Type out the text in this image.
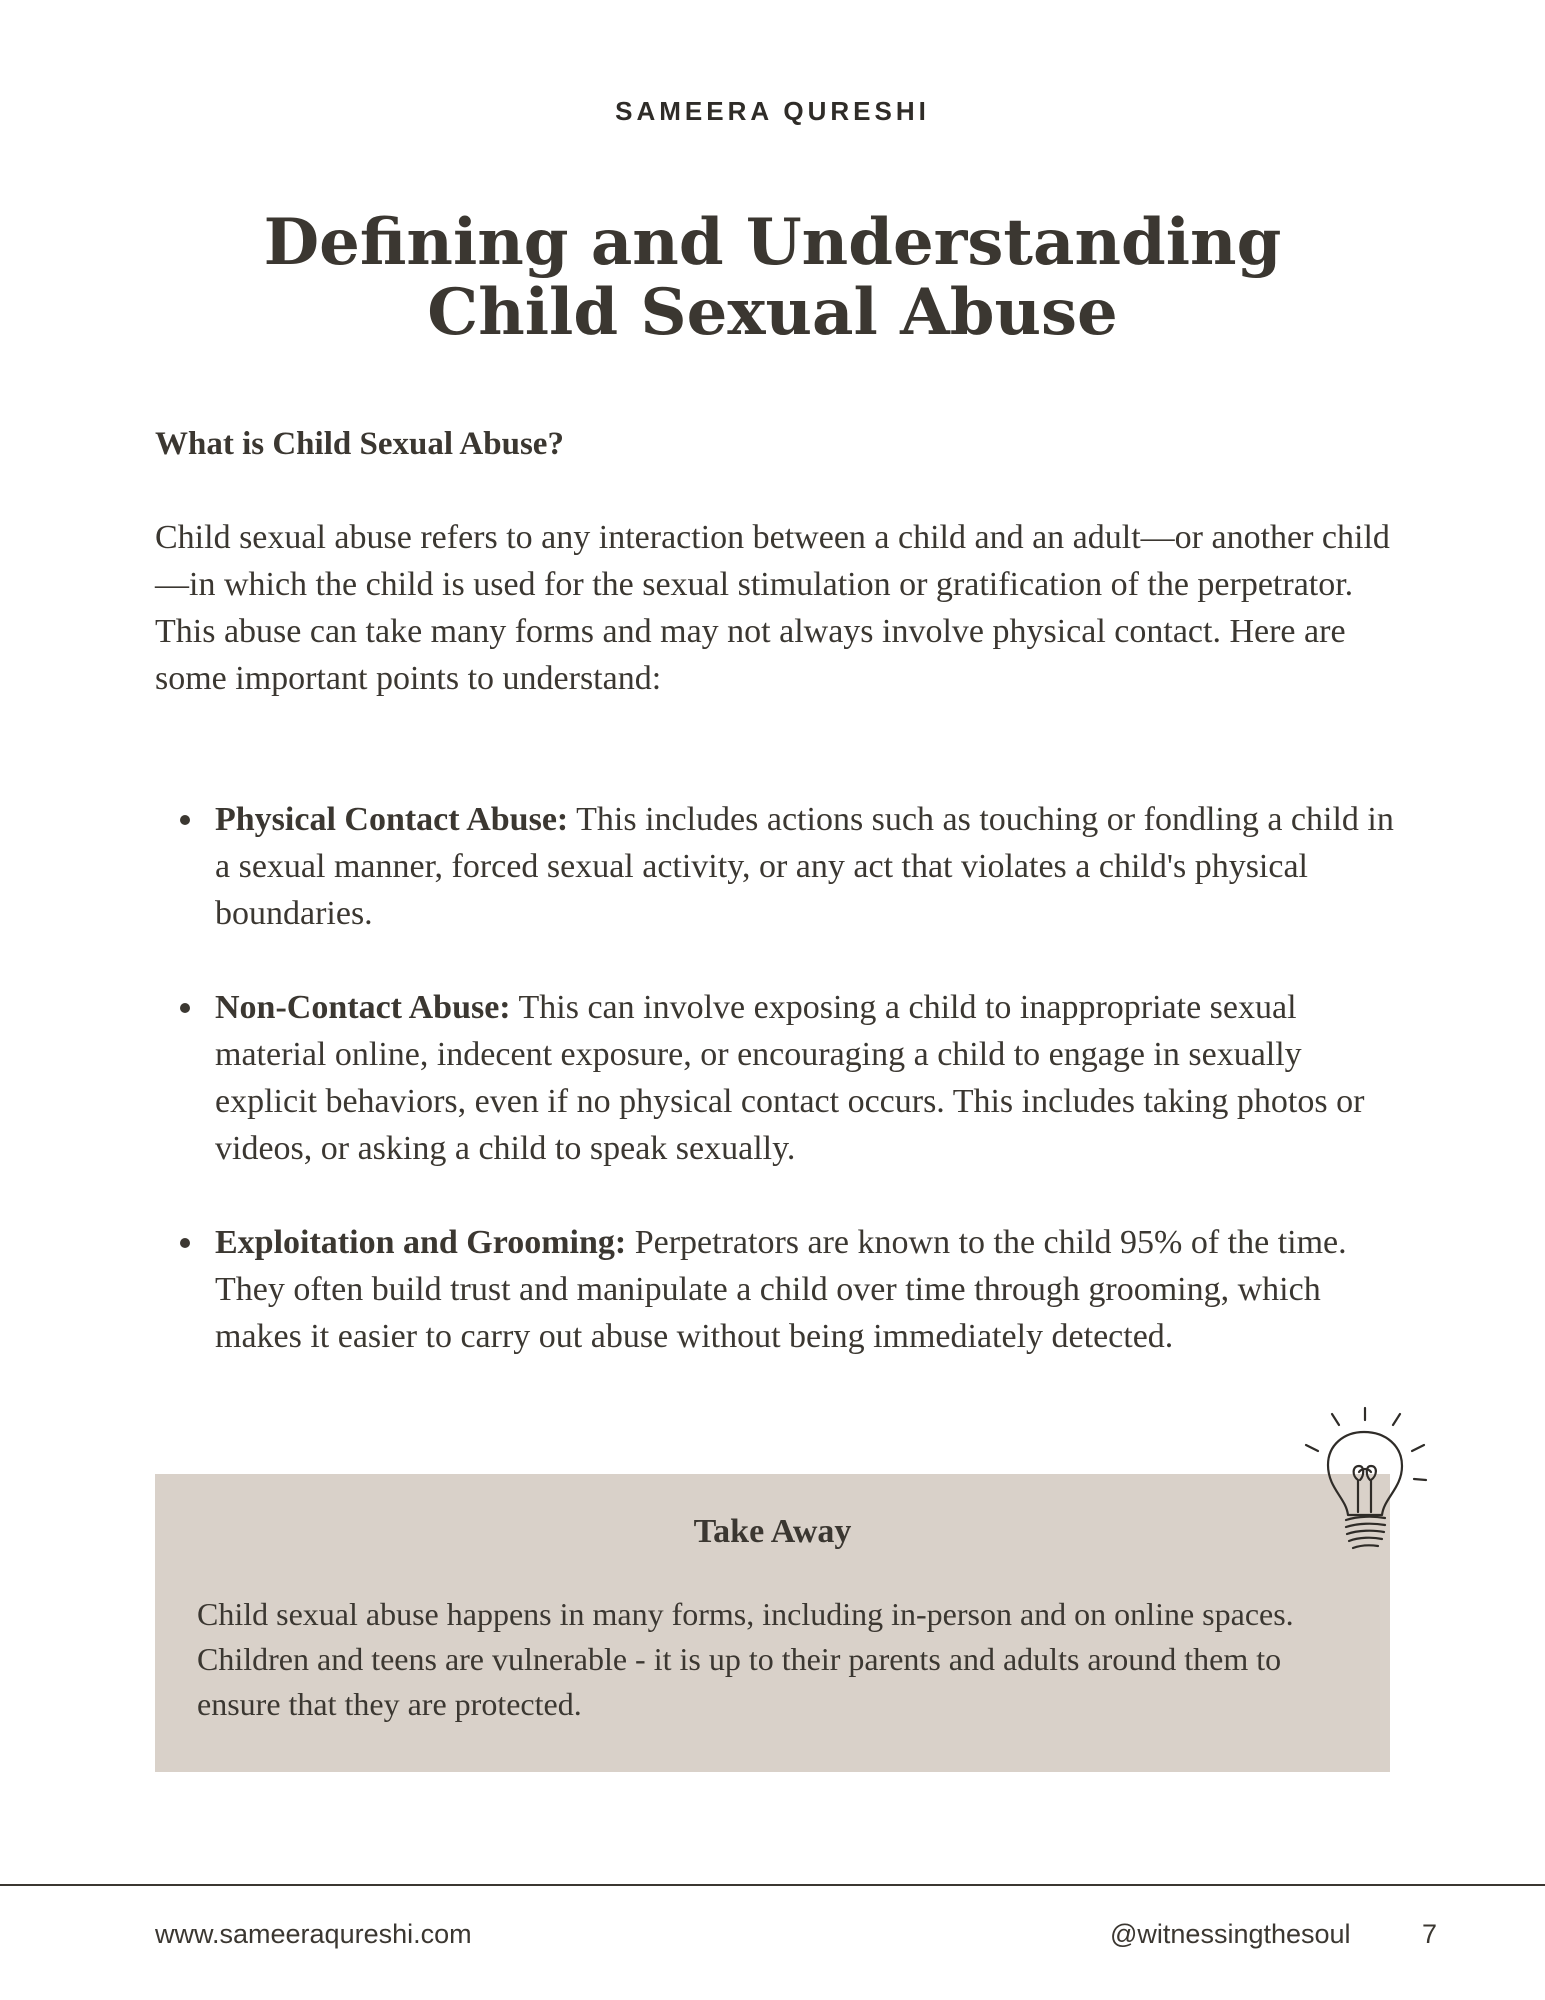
SAMEERA QURESHI
Defining and Understanding Child Sexual Abuse
What is Child Sexual Abuse?

Child sexual abuse refers to any interaction between a child and an adult—or another child—in which the child is used for the sexual stimulation or gratification of the perpetrator. This abuse can take many forms and may not always involve physical contact. Here are some important points to understand:

Physical Contact Abuse: This includes actions such as touching or fondling a child in a sexual manner, forced sexual activity, or any act that violates a child's physical boundaries.
Non-Contact Abuse: This can involve exposing a child to inappropriate sexual material online, indecent exposure, or encouraging a child to engage in sexually explicit behaviors, even if no physical contact occurs. This includes taking photos or videos, or asking a child to speak sexually.
Exploitation and Grooming: Perpetrators are known to the child 95% of the time. They often build trust and manipulate a child over time through grooming, which makes it easier to carry out abuse without being immediately detected.
Take Away

Child sexual abuse happens in many forms, including in-person and on online spaces. Children and teens are vulnerable - it is up to their parents and adults around them to ensure that they are protected.

www.sameeraqureshi.com	@witnessingthesoul	7
